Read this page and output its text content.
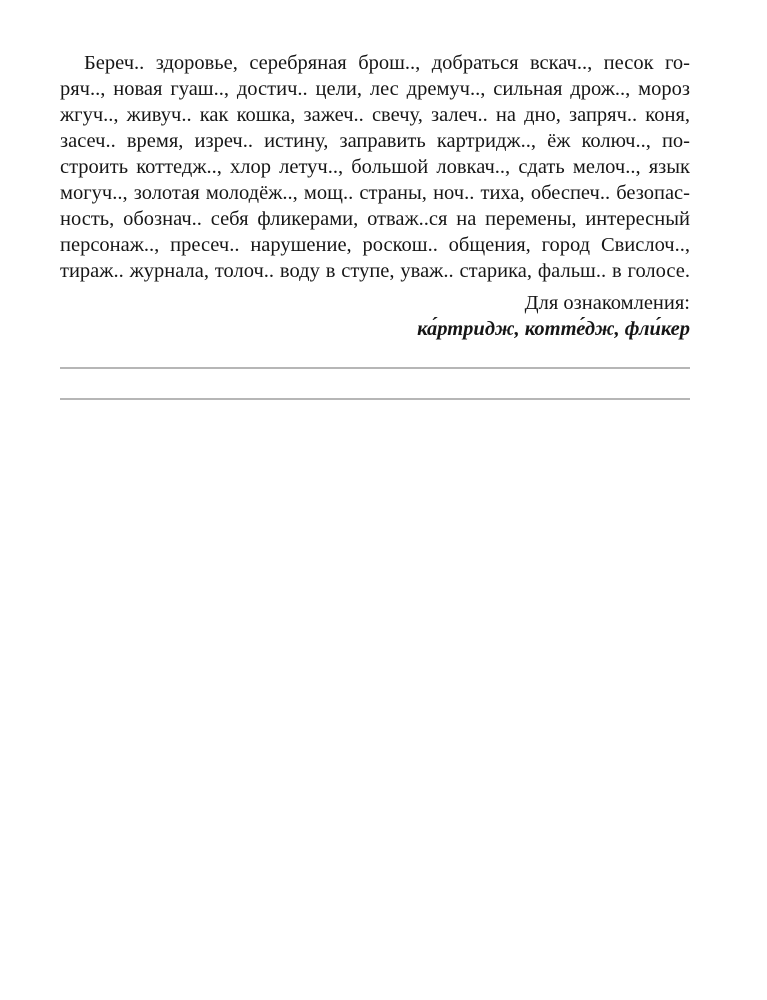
Береч.. здоровье, серебряная брош.., добраться вскач.., песок го-
ряч.., новая гуаш.., достич.. цели, лес дремуч.., сильная дрож.., мороз
жгуч.., живуч.. как кошка, зажеч.. свечу, залеч.. на дно, запряч.. коня,
засеч.. время, изреч.. истину, заправить картридж.., ёж колюч.., по-
строить коттедж.., хлор летуч.., большой ловкач.., сдать мелоч.., язык
могуч.., золотая молодёж.., мощ.. страны, ноч.. тиха, обеспеч.. безопас-
ность, обознач.. себя фликерами, отваж..ся на перемены, интересный
персонаж.., пресеч.. нарушение, роскош.. общения, город Свислоч..,
тираж.. журнала, толоч.. воду в ступе, уваж.. старика, фальш.. в голосе.
Для ознакомления:
ка́ртридж, котте́дж, фли́кер
